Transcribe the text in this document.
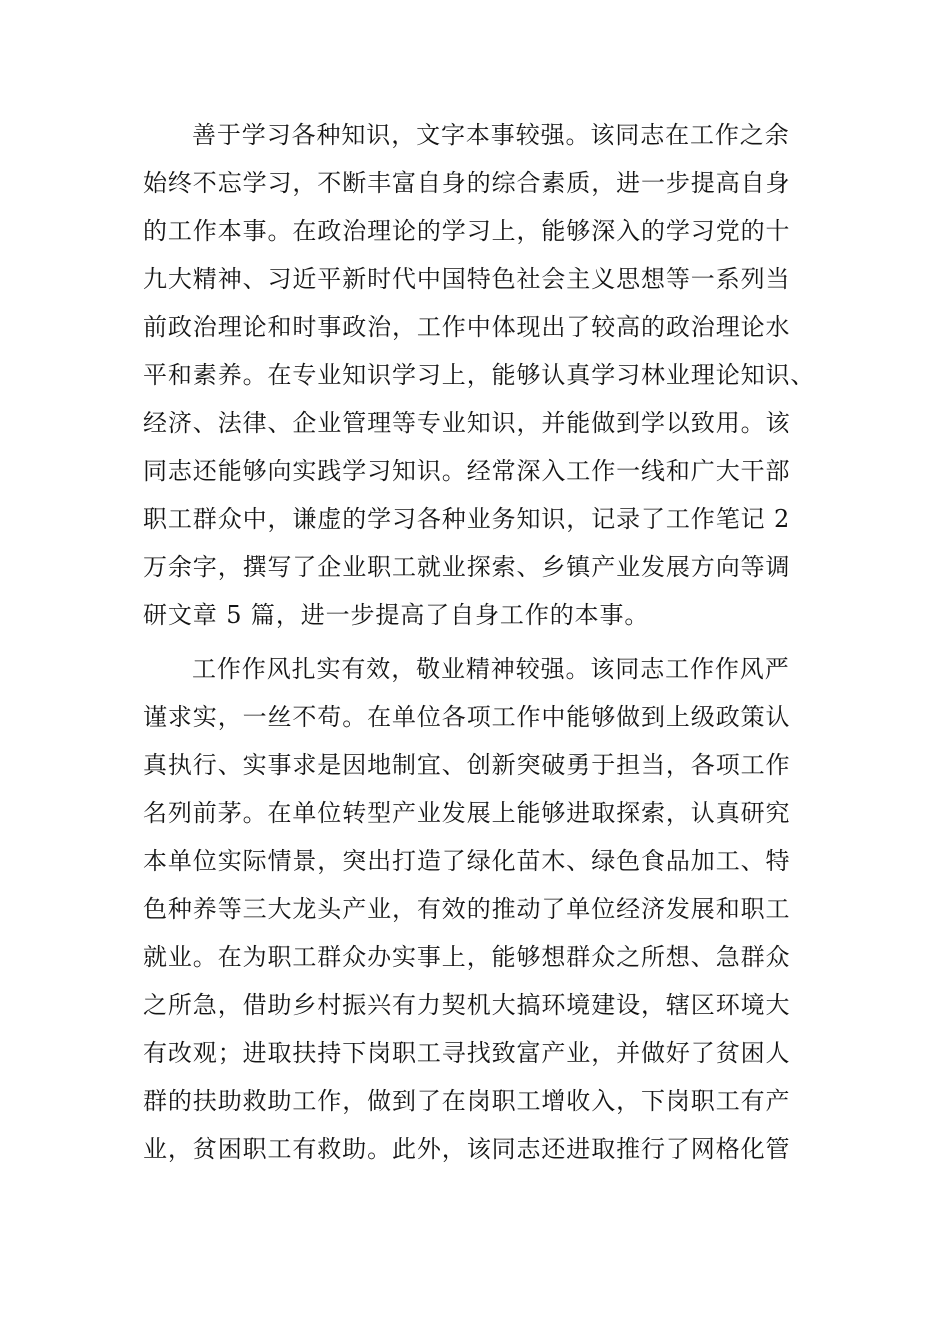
善于学习各种知识，文字本事较强。该同志在工作之余
始终不忘学习，不断丰富自身的综合素质，进一步提高自身
的工作本事。在政治理论的学习上，能够深入的学习党的十
九大精神、习近平新时代中国特色社会主义思想等一系列当
前政治理论和时事政治，工作中体现出了较高的政治理论水
平和素养。在专业知识学习上，能够认真学习林业理论知识、
经济、法律、企业管理等专业知识，并能做到学以致用。该
同志还能够向实践学习知识。经常深入工作一线和广大干部
职工群众中，谦虚的学习各种业务知识，记录了工作笔记 2
万余字，撰写了企业职工就业探索、乡镇产业发展方向等调
研文章 5 篇，进一步提高了自身工作的本事。
工作作风扎实有效，敬业精神较强。该同志工作作风严
谨求实，一丝不苟。在单位各项工作中能够做到上级政策认
真执行、实事求是因地制宜、创新突破勇于担当，各项工作
名列前茅。在单位转型产业发展上能够进取探索，认真研究
本单位实际情景，突出打造了绿化苗木、绿色食品加工、特
色种养等三大龙头产业，有效的推动了单位经济发展和职工
就业。在为职工群众办实事上，能够想群众之所想、急群众
之所急，借助乡村振兴有力契机大搞环境建设，辖区环境大
有改观；进取扶持下岗职工寻找致富产业，并做好了贫困人
群的扶助救助工作，做到了在岗职工增收入，下岗职工有产
业，贫困职工有救助。此外，该同志还进取推行了网格化管
